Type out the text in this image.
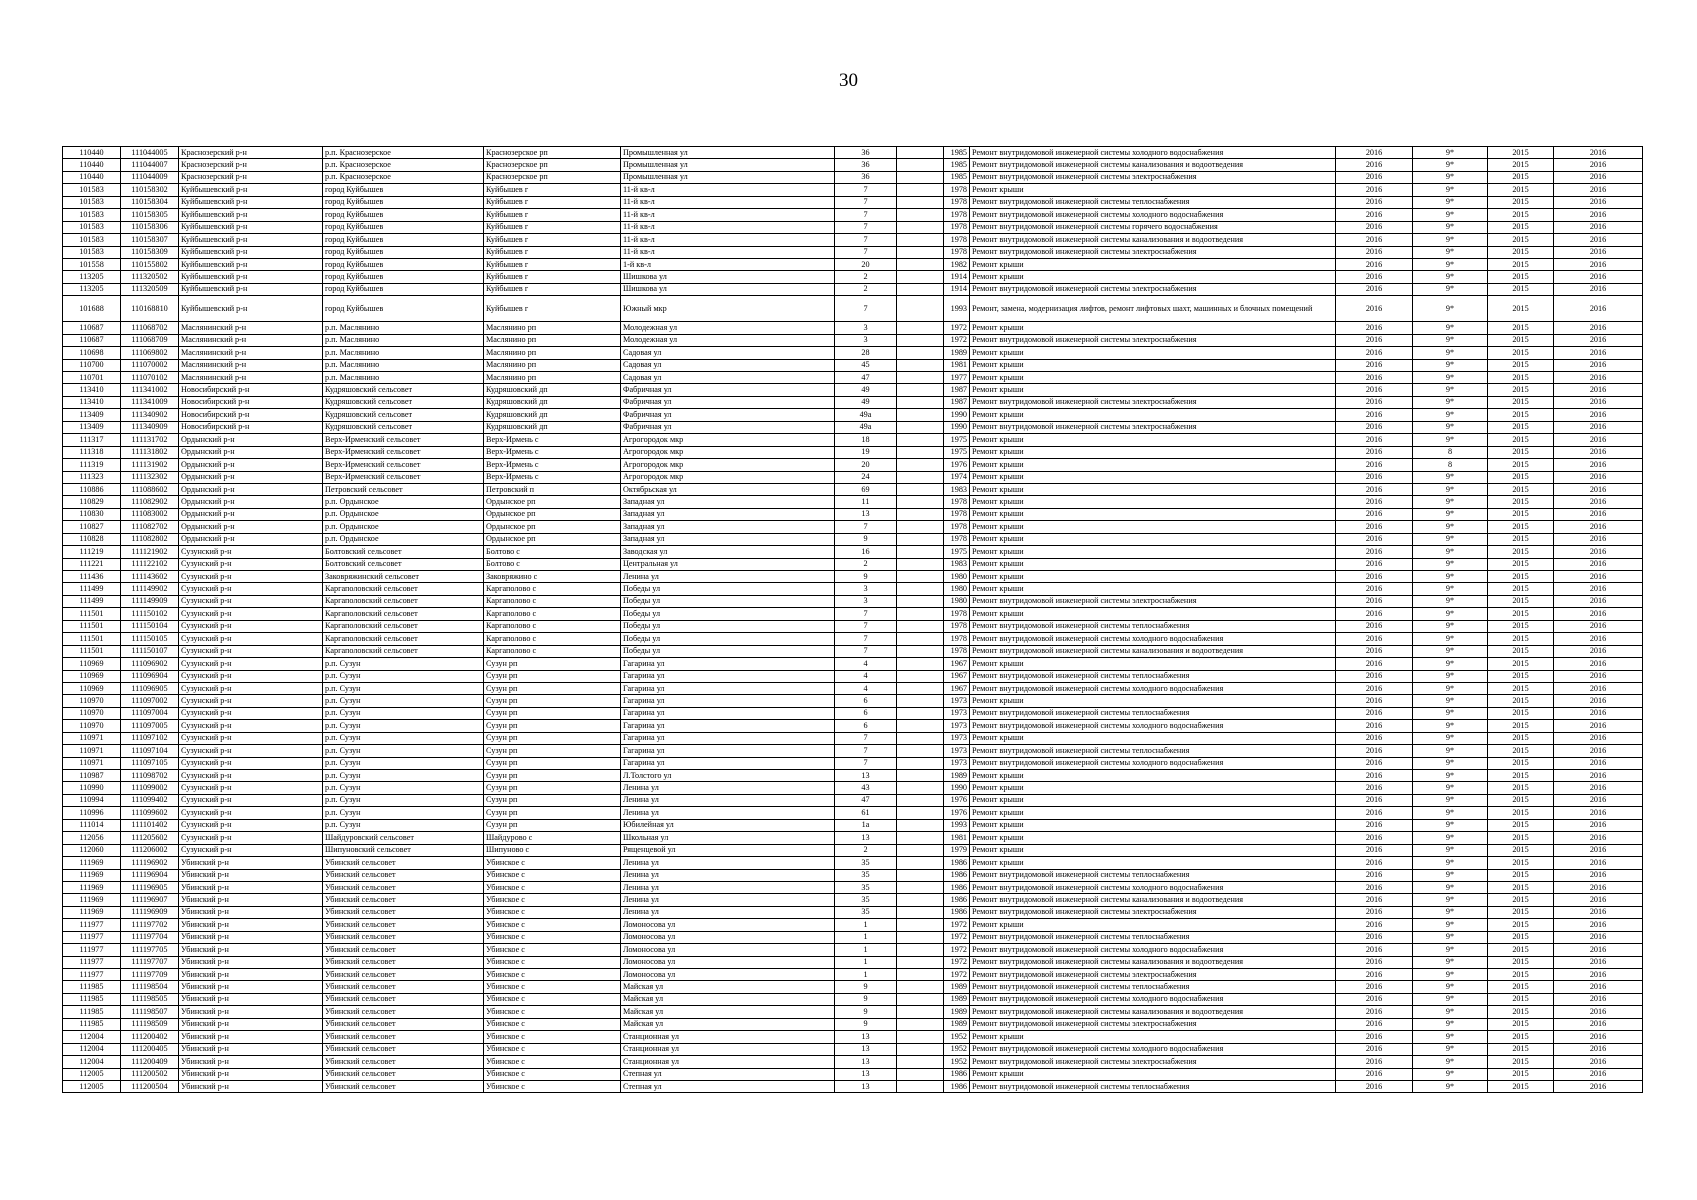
30
110440	111044005	Краснозерский р-н	р.п. Краснозерское	Краснозерское рп	Промышленная ул	36		1985	Ремонт внутридомовой инженерной системы холодного водоснабжения	2016	9*	2015	2016
110440	111044007	Краснозерский р-н	р.п. Краснозерское	Краснозерское рп	Промышленная ул	36		1985	Ремонт внутридомовой инженерной системы канализования и водоотведения	2016	9*	2015	2016
110440	111044009	Краснозерский р-н	р.п. Краснозерское	Краснозерское рп	Промышленная ул	36		1985	Ремонт внутридомовой инженерной системы электроснабжения	2016	9*	2015	2016
101583	110158302	Куйбышевский р-н	город Куйбышев	Куйбышев г	11-й кв-л	7		1978	Ремонт крыши	2016	9*	2015	2016
101583	110158304	Куйбышевский р-н	город Куйбышев	Куйбышев г	11-й кв-л	7		1978	Ремонт внутридомовой инженерной системы теплоснабжения	2016	9*	2015	2016
101583	110158305	Куйбышевский р-н	город Куйбышев	Куйбышев г	11-й кв-л	7		1978	Ремонт внутридомовой инженерной системы холодного водоснабжения	2016	9*	2015	2016
101583	110158306	Куйбышевский р-н	город Куйбышев	Куйбышев г	11-й кв-л	7		1978	Ремонт внутридомовой инженерной системы горячего водоснабжения	2016	9*	2015	2016
101583	110158307	Куйбышевский р-н	город Куйбышев	Куйбышев г	11-й кв-л	7		1978	Ремонт внутридомовой инженерной системы канализования и водоотведения	2016	9*	2015	2016
101583	110158309	Куйбышевский р-н	город Куйбышев	Куйбышев г	11-й кв-л	7		1978	Ремонт внутридомовой инженерной системы электроснабжения	2016	9*	2015	2016
101558	110155802	Куйбышевский р-н	город Куйбышев	Куйбышев г	1-й кв-л	20		1982	Ремонт крыши	2016	9*	2015	2016
113205	111320502	Куйбышевский р-н	город Куйбышев	Куйбышев г	Шишкова ул	2		1914	Ремонт крыши	2016	9*	2015	2016
113205	111320509	Куйбышевский р-н	город Куйбышев	Куйбышев г	Шишкова ул	2		1914	Ремонт внутридомовой инженерной системы электроснабжения	2016	9*	2015	2016
101688	110168810	Куйбышевский р-н	город Куйбышев	Куйбышев г	Южный мкр	7		1993	Ремонт, замена, модернизация лифтов, ремонт лифтовых шахт, машинных и блочных помещений	2016	9*	2015	2016
110687	111068702	Маслянинский р-н	р.п. Маслянино	Маслянино рп	Молодежная ул	3		1972	Ремонт крыши	2016	9*	2015	2016
110687	111068709	Маслянинский р-н	р.п. Маслянино	Маслянино рп	Молодежная ул	3		1972	Ремонт внутридомовой инженерной системы электроснабжения	2016	9*	2015	2016
110698	111069802	Маслянинский р-н	р.п. Маслянино	Маслянино рп	Садовая ул	28		1989	Ремонт крыши	2016	9*	2015	2016
110700	111070002	Маслянинский р-н	р.п. Маслянино	Маслянино рп	Садовая ул	45		1981	Ремонт крыши	2016	9*	2015	2016
110701	111070102	Маслянинский р-н	р.п. Маслянино	Маслянино рп	Садовая ул	47		1977	Ремонт крыши	2016	9*	2015	2016
113410	111341002	Новосибирский р-н	Кудряшовский сельсовет	Кудряшовский дп	Фабричная ул	49		1987	Ремонт крыши	2016	9*	2015	2016
113410	111341009	Новосибирский р-н	Кудряшовский сельсовет	Кудряшовский дп	Фабричная ул	49		1987	Ремонт внутридомовой инженерной системы электроснабжения	2016	9*	2015	2016
113409	111340902	Новосибирский р-н	Кудряшовский сельсовет	Кудряшовский дп	Фабричная ул	49а		1990	Ремонт крыши	2016	9*	2015	2016
113409	111340909	Новосибирский р-н	Кудряшовский сельсовет	Кудряшовский дп	Фабричная ул	49а		1990	Ремонт внутридомовой инженерной системы электроснабжения	2016	9*	2015	2016
111317	111131702	Ордынский р-н	Верх-Ирменский сельсовет	Верх-Ирмень с	Агрогородок мкр	18		1975	Ремонт крыши	2016	9*	2015	2016
111318	111131802	Ордынский р-н	Верх-Ирменский сельсовет	Верх-Ирмень с	Агрогородок мкр	19		1975	Ремонт крыши	2016	8	2015	2016
111319	111131902	Ордынский р-н	Верх-Ирменский сельсовет	Верх-Ирмень с	Агрогородок мкр	20		1976	Ремонт крыши	2016	8	2015	2016
111323	111132302	Ордынский р-н	Верх-Ирменский сельсовет	Верх-Ирмень с	Агрогородок мкр	24		1974	Ремонт крыши	2016	9*	2015	2016
110886	111088602	Ордынский р-н	Петровский сельсовет	Петровский п	Октябрьская ул	69		1983	Ремонт крыши	2016	9*	2015	2016
110829	111082902	Ордынский р-н	р.п. Ордынское	Ордынское рп	Западная ул	11		1978	Ремонт крыши	2016	9*	2015	2016
110830	111083002	Ордынский р-н	р.п. Ордынское	Ордынское рп	Западная ул	13		1978	Ремонт крыши	2016	9*	2015	2016
110827	111082702	Ордынский р-н	р.п. Ордынское	Ордынское рп	Западная ул	7		1978	Ремонт крыши	2016	9*	2015	2016
110828	111082802	Ордынский р-н	р.п. Ордынское	Ордынское рп	Западная ул	9		1978	Ремонт крыши	2016	9*	2015	2016
111219	111121902	Сузунский р-н	Болтовский сельсовет	Болтово с	Заводская ул	16		1975	Ремонт крыши	2016	9*	2015	2016
111221	111122102	Сузунский р-н	Болтовский сельсовет	Болтово с	Центральная ул	2		1983	Ремонт крыши	2016	9*	2015	2016
111436	111143602	Сузунский р-н	Заковряжинский сельсовет	Заковряжино с	Ленина ул	9		1980	Ремонт крыши	2016	9*	2015	2016
111499	111149902	Сузунский р-н	Каргаполовский сельсовет	Каргаполово с	Победы ул	3		1980	Ремонт крыши	2016	9*	2015	2016
111499	111149909	Сузунский р-н	Каргаполовский сельсовет	Каргаполово с	Победы ул	3		1980	Ремонт внутридомовой инженерной системы электроснабжения	2016	9*	2015	2016
111501	111150102	Сузунский р-н	Каргаполовский сельсовет	Каргаполово с	Победы ул	7		1978	Ремонт крыши	2016	9*	2015	2016
111501	111150104	Сузунский р-н	Каргаполовский сельсовет	Каргаполово с	Победы ул	7		1978	Ремонт внутридомовой инженерной системы теплоснабжения	2016	9*	2015	2016
111501	111150105	Сузунский р-н	Каргаполовский сельсовет	Каргаполово с	Победы ул	7		1978	Ремонт внутридомовой инженерной системы холодного водоснабжения	2016	9*	2015	2016
111501	111150107	Сузунский р-н	Каргаполовский сельсовет	Каргаполово с	Победы ул	7		1978	Ремонт внутридомовой инженерной системы канализования и водоотведения	2016	9*	2015	2016
110969	111096902	Сузунский р-н	р.п. Сузун	Сузун рп	Гагарина ул	4		1967	Ремонт крыши	2016	9*	2015	2016
110969	111096904	Сузунский р-н	р.п. Сузун	Сузун рп	Гагарина ул	4		1967	Ремонт внутридомовой инженерной системы теплоснабжения	2016	9*	2015	2016
110969	111096905	Сузунский р-н	р.п. Сузун	Сузун рп	Гагарина ул	4		1967	Ремонт внутридомовой инженерной системы холодного водоснабжения	2016	9*	2015	2016
110970	111097002	Сузунский р-н	р.п. Сузун	Сузун рп	Гагарина ул	6		1973	Ремонт крыши	2016	9*	2015	2016
110970	111097004	Сузунский р-н	р.п. Сузун	Сузун рп	Гагарина ул	6		1973	Ремонт внутридомовой инженерной системы теплоснабжения	2016	9*	2015	2016
110970	111097005	Сузунский р-н	р.п. Сузун	Сузун рп	Гагарина ул	6		1973	Ремонт внутридомовой инженерной системы холодного водоснабжения	2016	9*	2015	2016
110971	111097102	Сузунский р-н	р.п. Сузун	Сузун рп	Гагарина ул	7		1973	Ремонт крыши	2016	9*	2015	2016
110971	111097104	Сузунский р-н	р.п. Сузун	Сузун рп	Гагарина ул	7		1973	Ремонт внутридомовой инженерной системы теплоснабжения	2016	9*	2015	2016
110971	111097105	Сузунский р-н	р.п. Сузун	Сузун рп	Гагарина ул	7		1973	Ремонт внутридомовой инженерной системы холодного водоснабжения	2016	9*	2015	2016
110987	111098702	Сузунский р-н	р.п. Сузун	Сузун рп	Л.Толстого ул	13		1989	Ремонт крыши	2016	9*	2015	2016
110990	111099002	Сузунский р-н	р.п. Сузун	Сузун рп	Ленина ул	43		1990	Ремонт крыши	2016	9*	2015	2016
110994	111099402	Сузунский р-н	р.п. Сузун	Сузун рп	Ленина ул	47		1976	Ремонт крыши	2016	9*	2015	2016
110996	111099602	Сузунский р-н	р.п. Сузун	Сузун рп	Ленина ул	61		1976	Ремонт крыши	2016	9*	2015	2016
111014	111101402	Сузунский р-н	р.п. Сузун	Сузун рп	Юбилейная ул	1а		1993	Ремонт крыши	2016	9*	2015	2016
112056	111205602	Сузунский р-н	Шайдуровский сельсовет	Шайдурово с	Школьная ул	13		1981	Ремонт крыши	2016	9*	2015	2016
112060	111206002	Сузунский р-н	Шипуновский сельсовет	Шипуново с	Рященцевой ул	2		1979	Ремонт крыши	2016	9*	2015	2016
111969	111196902	Убинский р-н	Убинский сельсовет	Убинское с	Ленина ул	35		1986	Ремонт крыши	2016	9*	2015	2016
111969	111196904	Убинский р-н	Убинский сельсовет	Убинское с	Ленина ул	35		1986	Ремонт внутридомовой инженерной системы теплоснабжения	2016	9*	2015	2016
111969	111196905	Убинский р-н	Убинский сельсовет	Убинское с	Ленина ул	35		1986	Ремонт внутридомовой инженерной системы холодного водоснабжения	2016	9*	2015	2016
111969	111196907	Убинский р-н	Убинский сельсовет	Убинское с	Ленина ул	35		1986	Ремонт внутридомовой инженерной системы канализования и водоотведения	2016	9*	2015	2016
111969	111196909	Убинский р-н	Убинский сельсовет	Убинское с	Ленина ул	35		1986	Ремонт внутридомовой инженерной системы электроснабжения	2016	9*	2015	2016
111977	111197702	Убинский р-н	Убинский сельсовет	Убинское с	Ломоносова ул	1		1972	Ремонт крыши	2016	9*	2015	2016
111977	111197704	Убинский р-н	Убинский сельсовет	Убинское с	Ломоносова ул	1		1972	Ремонт внутридомовой инженерной системы теплоснабжения	2016	9*	2015	2016
111977	111197705	Убинский р-н	Убинский сельсовет	Убинское с	Ломоносова ул	1		1972	Ремонт внутридомовой инженерной системы холодного водоснабжения	2016	9*	2015	2016
111977	111197707	Убинский р-н	Убинский сельсовет	Убинское с	Ломоносова ул	1		1972	Ремонт внутридомовой инженерной системы канализования и водоотведения	2016	9*	2015	2016
111977	111197709	Убинский р-н	Убинский сельсовет	Убинское с	Ломоносова ул	1		1972	Ремонт внутридомовой инженерной системы электроснабжения	2016	9*	2015	2016
111985	111198504	Убинский р-н	Убинский сельсовет	Убинское с	Майская ул	9		1989	Ремонт внутридомовой инженерной системы теплоснабжения	2016	9*	2015	2016
111985	111198505	Убинский р-н	Убинский сельсовет	Убинское с	Майская ул	9		1989	Ремонт внутридомовой инженерной системы холодного водоснабжения	2016	9*	2015	2016
111985	111198507	Убинский р-н	Убинский сельсовет	Убинское с	Майская ул	9		1989	Ремонт внутридомовой инженерной системы канализования и водоотведения	2016	9*	2015	2016
111985	111198509	Убинский р-н	Убинский сельсовет	Убинское с	Майская ул	9		1989	Ремонт внутридомовой инженерной системы электроснабжения	2016	9*	2015	2016
112004	111200402	Убинский р-н	Убинский сельсовет	Убинское с	Станционная ул	13		1952	Ремонт крыши	2016	9*	2015	2016
112004	111200405	Убинский р-н	Убинский сельсовет	Убинское с	Станционная ул	13		1952	Ремонт внутридомовой инженерной системы холодного водоснабжения	2016	9*	2015	2016
112004	111200409	Убинский р-н	Убинский сельсовет	Убинское с	Станционная ул	13		1952	Ремонт внутридомовой инженерной системы электроснабжения	2016	9*	2015	2016
112005	111200502	Убинский р-н	Убинский сельсовет	Убинское с	Степная ул	13		1986	Ремонт крыши	2016	9*	2015	2016
112005	111200504	Убинский р-н	Убинский сельсовет	Убинское с	Степная ул	13		1986	Ремонт внутридомовой инженерной системы теплоснабжения	2016	9*	2015	2016
